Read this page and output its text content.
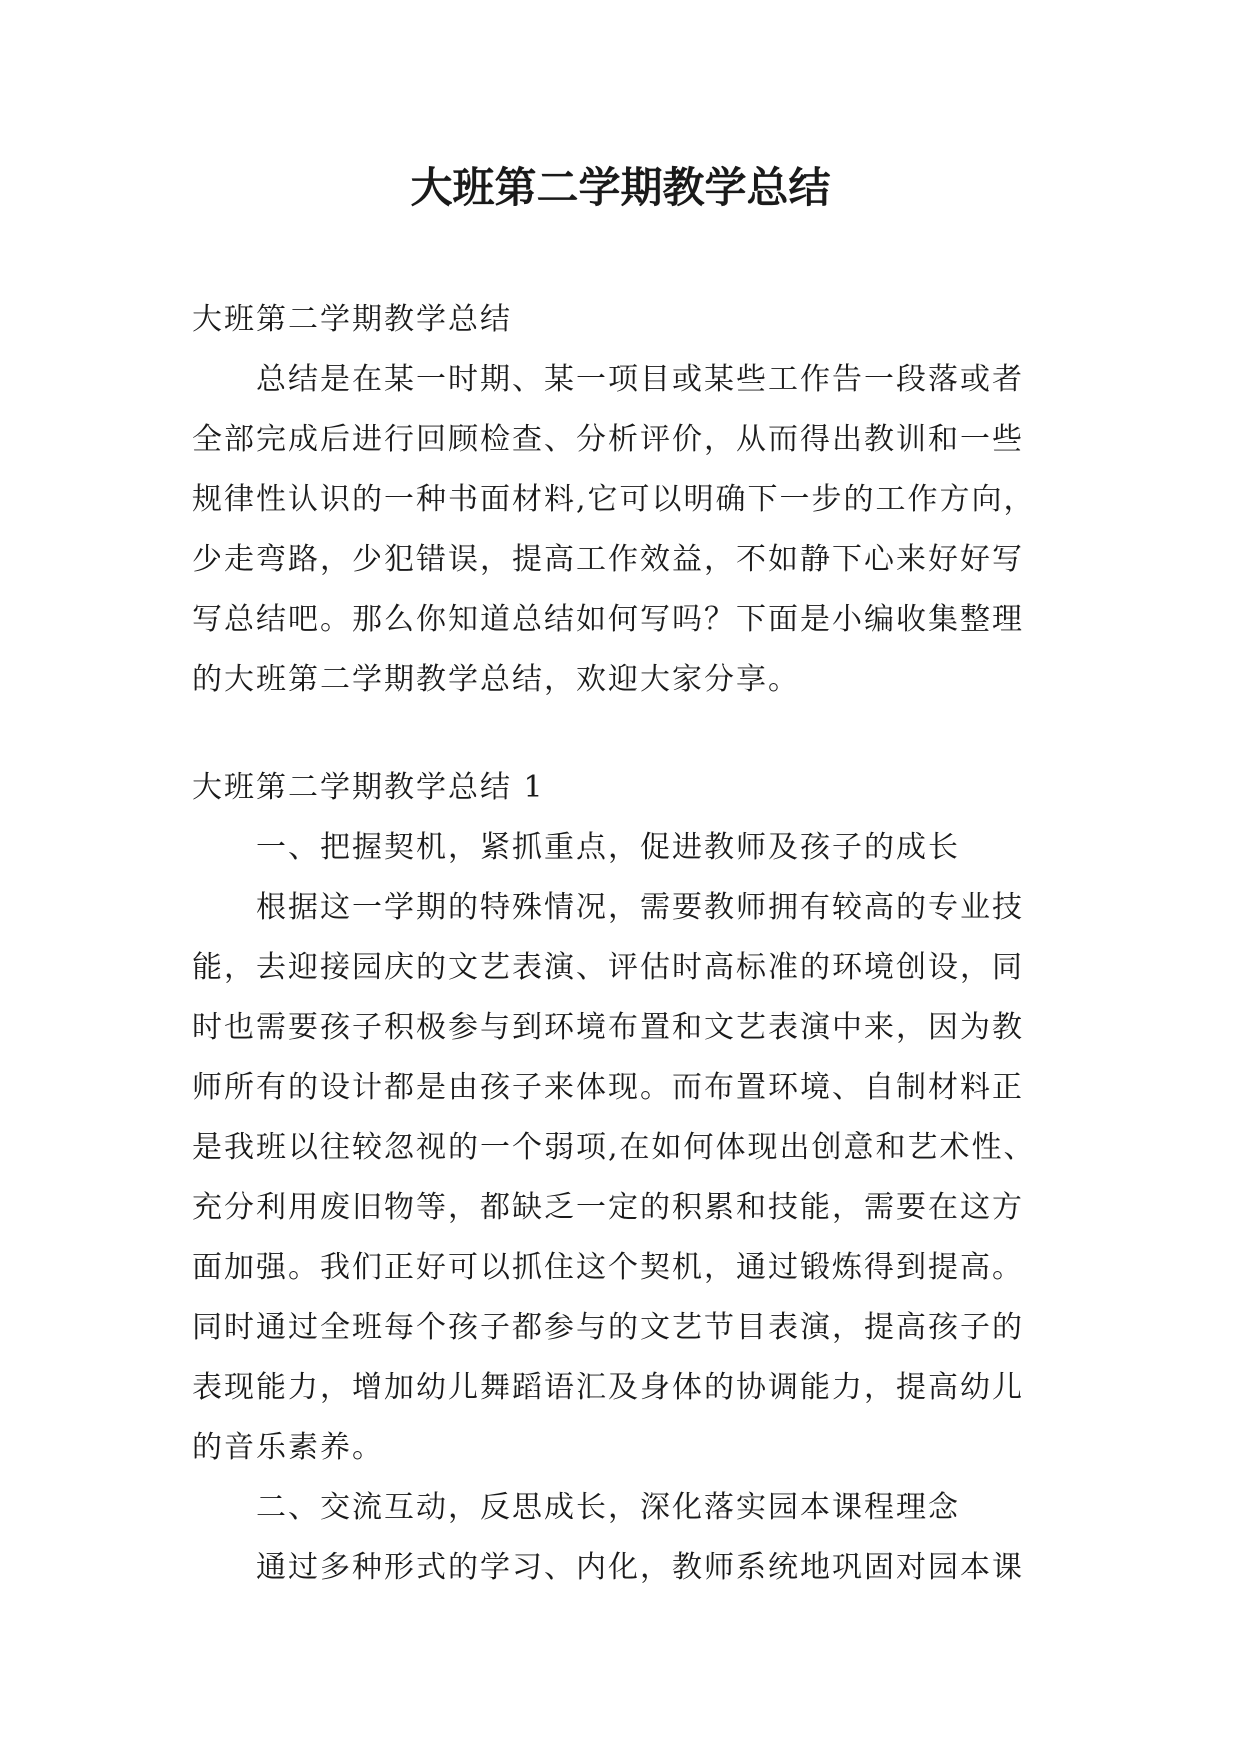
大班第二学期教学总结
大班第二学期教学总结
总结是在某一时期、某一项目或某些工作告一段落或者
全部完成后进行回顾检查、分析评价，从而得出教训和一些
规律性认识的一种书面材料,它可以明确下一步的工作方向，
少走弯路，少犯错误，提高工作效益，不如静下心来好好写
写总结吧。那么你知道总结如何写吗？下面是小编收集整理
的大班第二学期教学总结，欢迎大家分享。
大班第二学期教学总结 1
一、把握契机，紧抓重点，促进教师及孩子的成长
根据这一学期的特殊情况，需要教师拥有较高的专业技
能，去迎接园庆的文艺表演、评估时高标准的环境创设，同
时也需要孩子积极参与到环境布置和文艺表演中来，因为教
师所有的设计都是由孩子来体现。而布置环境、自制材料正
是我班以往较忽视的一个弱项,在如何体现出创意和艺术性、
充分利用废旧物等，都缺乏一定的积累和技能，需要在这方
面加强。我们正好可以抓住这个契机，通过锻炼得到提高。
同时通过全班每个孩子都参与的文艺节目表演，提高孩子的
表现能力，增加幼儿舞蹈语汇及身体的协调能力，提高幼儿
的音乐素养。
二、交流互动，反思成长，深化落实园本课程理念
通过多种形式的学习、内化，教师系统地巩固对园本课
